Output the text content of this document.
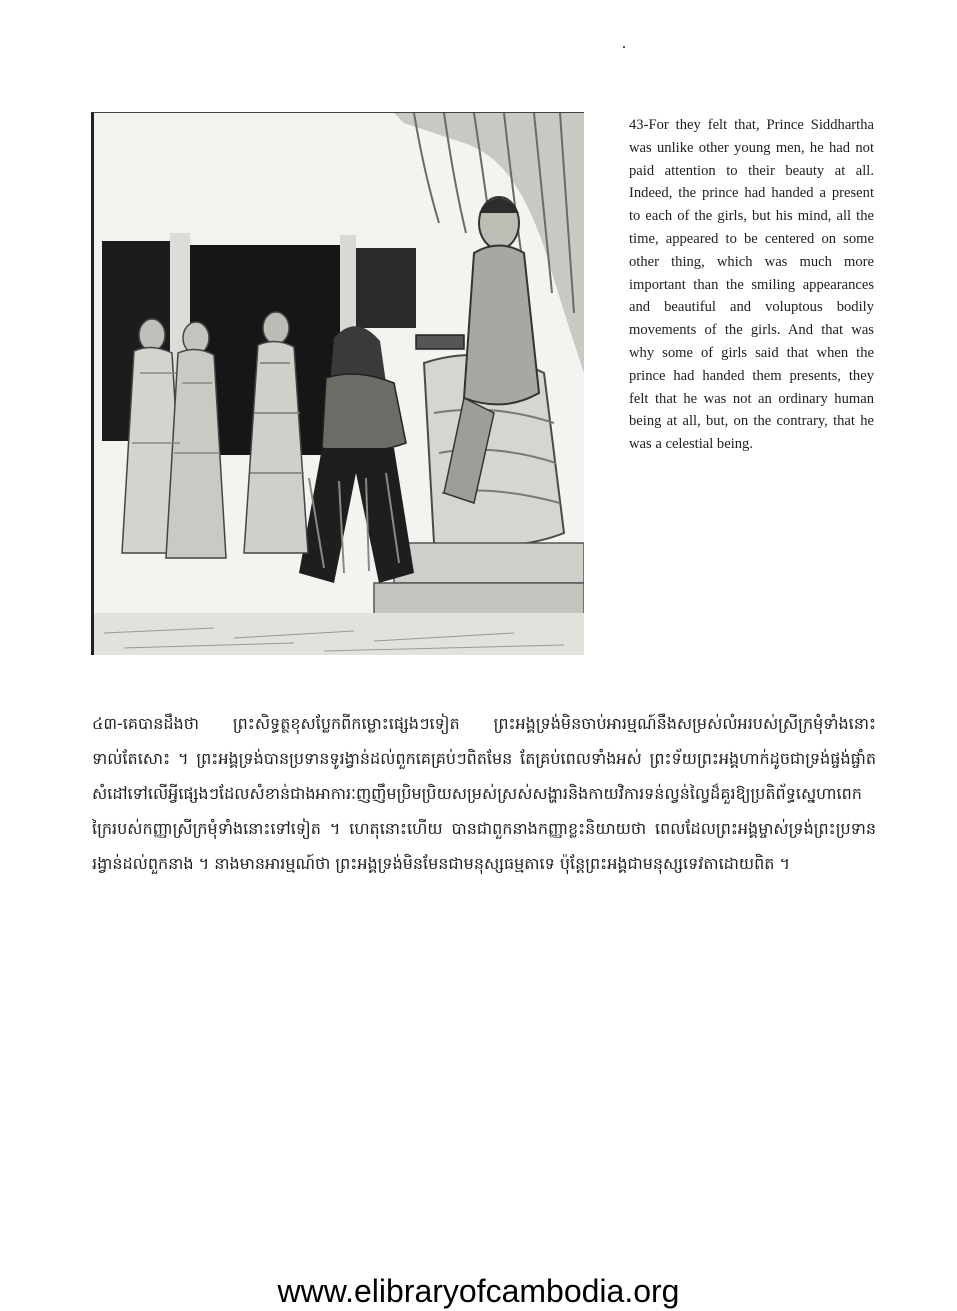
43-For they felt that, Prince Siddhartha was unlike other young men, he had not paid attention to their beauty at all. Indeed, the prince had handed a present to each of the girls, but his mind, all the time, appeared to be centered on some other thing, which was much more important than the smiling appearances and beautiful and voluptous bodily movements of the girls. And that was why some of girls said that when the prince had handed them presents, they felt that he was not an ordinary human being at all, but, on the contrary, that he was a celestial being.

៤៣-គេបានដឹងថា ព្រះសិទ្ធត្ថខុសប្លែកពីកម្លោះផ្សេងៗទៀត ព្រះអង្គទ្រង់មិនចាប់អារម្មណ៍នឹងសម្រស់លំអរបស់ស្រីក្រមុំទាំងនោះទាល់តែសោះ ។ ព្រះអង្គទ្រង់បានប្រទានទូរង្វាន់ដល់ពួកគេគ្រប់ៗពិតមែន តែគ្រប់ពេលទាំងអស់ ព្រះទ័យព្រះអង្គហាក់ដូចជាទ្រង់ផ្ចង់ផ្ចាំតសំដៅទៅលើអ្វីផ្សេងៗដែលសំខាន់ជាងអាការៈញញឹមប្រិមប្រិយសម្រស់ស្រស់សង្ហារនិងកាយវិការទន់ល្វន់ល្វៃដ៏គួរឱ្យប្រតិព័ទ្ធស្នេហាពេកក្រៃរបស់កញ្ញាស្រីក្រមុំទាំងនោះទៅទៀត ។ ហេតុនោះហើយ បានជាពួកនាងកញ្ញាខ្លះនិយាយថា ពេលដែលព្រះអង្គម្ចាស់ទ្រង់ព្រះប្រទានរង្វាន់ដល់ពួកនាង ។ នាងមានអារម្មណ៍ថា ព្រះអង្គទ្រង់មិនមែនជាមនុស្សធម្មតាទេ ប៉ុន្តែព្រះអង្គជាមនុស្សទេវតាដោយពិត ។

www.elibraryofcambodia.org
